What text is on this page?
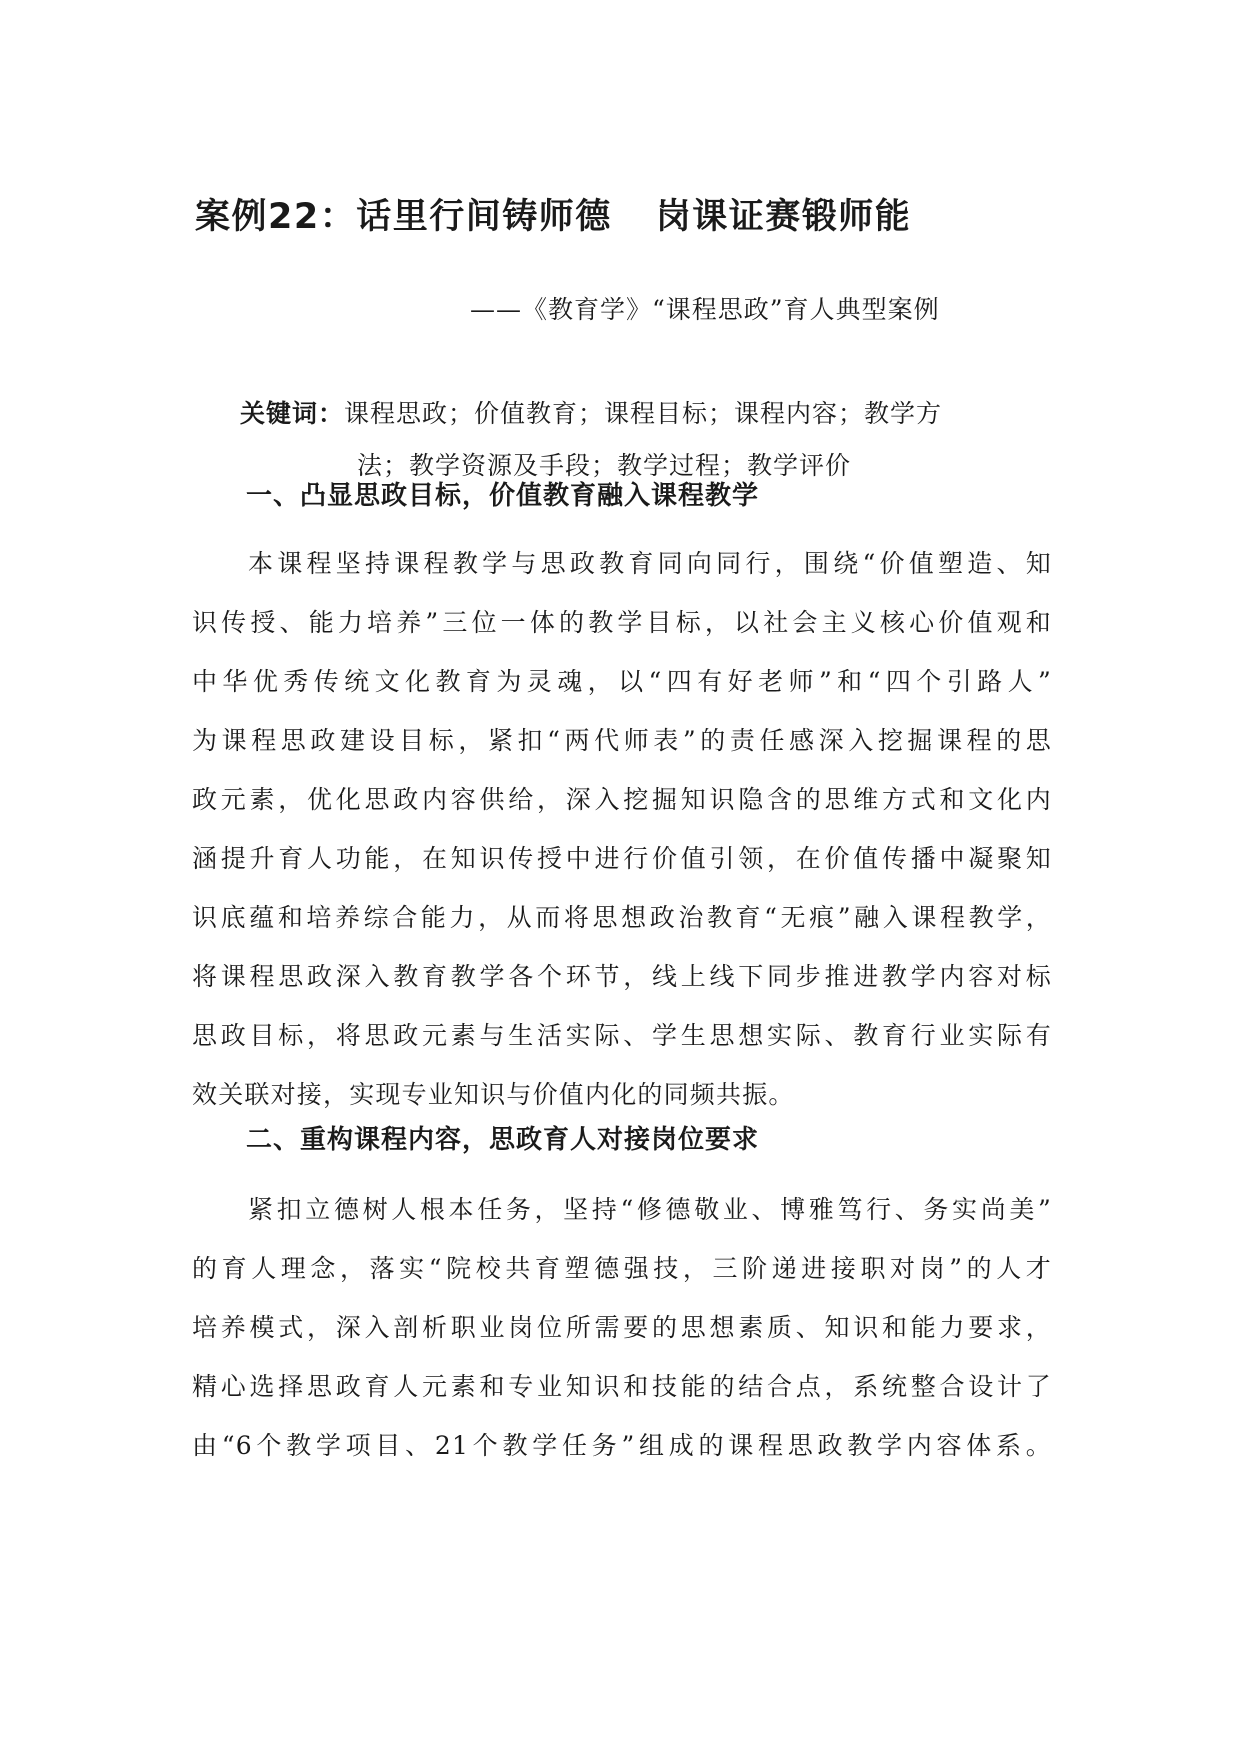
案例22：话里行间铸师德 岗课证赛锻师能
——《教育学》“课程思政”育人典型案例
关键词：课程思政；价值教育；课程目标；课程内容；教学方
法；教学资源及手段；教学过程；教学评价
一、凸显思政目标，价值教育融入课程教学
本课程坚持课程教学与思政教育同向同行，围绕“价值塑造、知
识传授、能力培养”三位一体的教学目标，以社会主义核心价值观和
中华优秀传统文化教育为灵魂，以“四有好老师”和“四个引路人”
为课程思政建设目标，紧扣“两代师表”的责任感深入挖掘课程的思
政元素，优化思政内容供给，深入挖掘知识隐含的思维方式和文化内
涵提升育人功能，在知识传授中进行价值引领，在价值传播中凝聚知
识底蕴和培养综合能力，从而将思想政治教育“无痕”融入课程教学，
将课程思政深入教育教学各个环节，线上线下同步推进教学内容对标
思政目标，将思政元素与生活实际、学生思想实际、教育行业实际有
效关联对接，实现专业知识与价值内化的同频共振。
二、重构课程内容，思政育人对接岗位要求
紧扣立德树人根本任务，坚持“修德敬业、博雅笃行、务实尚美”
的育人理念，落实“院校共育塑德强技，三阶递进接职对岗”的人才
培养模式，深入剖析职业岗位所需要的思想素质、知识和能力要求，
精心选择思政育人元素和专业知识和技能的结合点，系统整合设计了
由“6个教学项目、21个教学任务”组成的课程思政教学内容体系。
